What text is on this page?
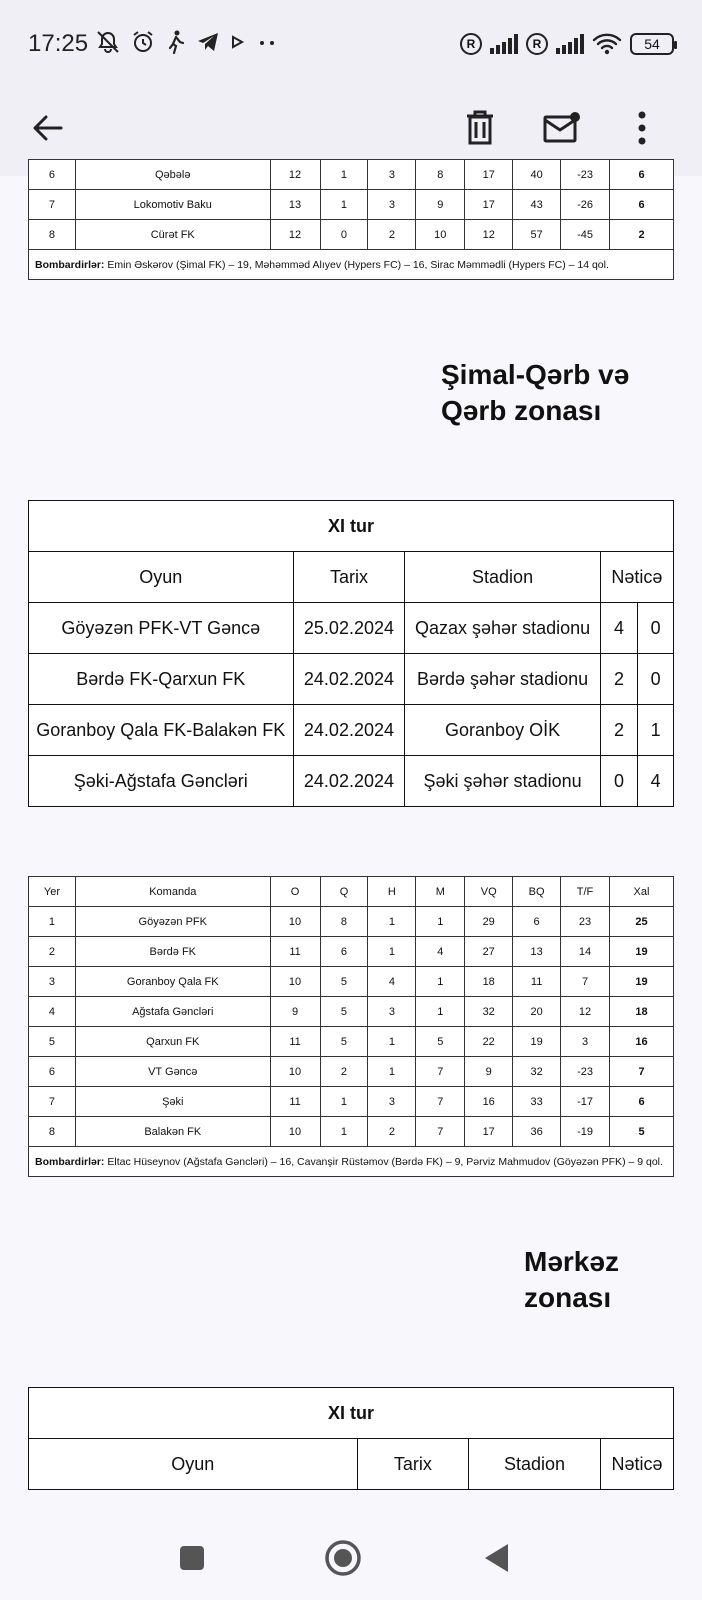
17:25	R	R	54
6	Qəbələ	12	1	3	8	17	40	-23	6
7	Lokomotiv Baku	13	1	3	9	17	43	-26	6
8	Cürət FK	12	0	2	10	12	57	-45	2
Bombardirlər: Emin Əskərov (Şimal FK) – 19, Məhəmməd Alıyev (Hypers FC) – 16, Sirac Məmmədli (Hypers FC) – 14 qol.									
Şimal-Qərb və
Qərb zonası
XI tur				
Oyun	Tarix	Stadion	Nəticə	
Göyəzən PFK-VT Gəncə	25.02.2024	Qazax şəhər stadionu	4	0
Bərdə FK-Qarxun FK	24.02.2024	Bərdə şəhər stadionu	2	0
Goranboy Qala FK-Balakən FK	24.02.2024	Goranboy OİK	2	1
Şəki-Ağstafa Gəncləri	24.02.2024	Şəki şəhər stadionu	0	4
Yer	Komanda	O	Q	H	M	VQ	BQ	T/F	Xal
1	Göyəzən PFK	10	8	1	1	29	6	23	25
2	Bərdə FK	11	6	1	4	27	13	14	19
3	Goranboy Qala FK	10	5	4	1	18	11	7	19
4	Ağstafa Gəncləri	9	5	3	1	32	20	12	18
5	Qarxun FK	11	5	1	5	22	19	3	16
6	VT Gəncə	10	2	1	7	9	32	-23	7
7	Şəki	11	1	3	7	16	33	-17	6
8	Balakən FK	10	1	2	7	17	36	-19	5
Bombardirlər: Eltac Hüseynov (Ağstafa Gəncləri) – 16, Cavanşir Rüstəmov (Bərdə FK) – 9, Pərviz Mahmudov (Göyəzən PFK) – 9 qol.									
Mərkəz
zonası
XI tur
Oyun	Tarix	Stadion	Nəticə
